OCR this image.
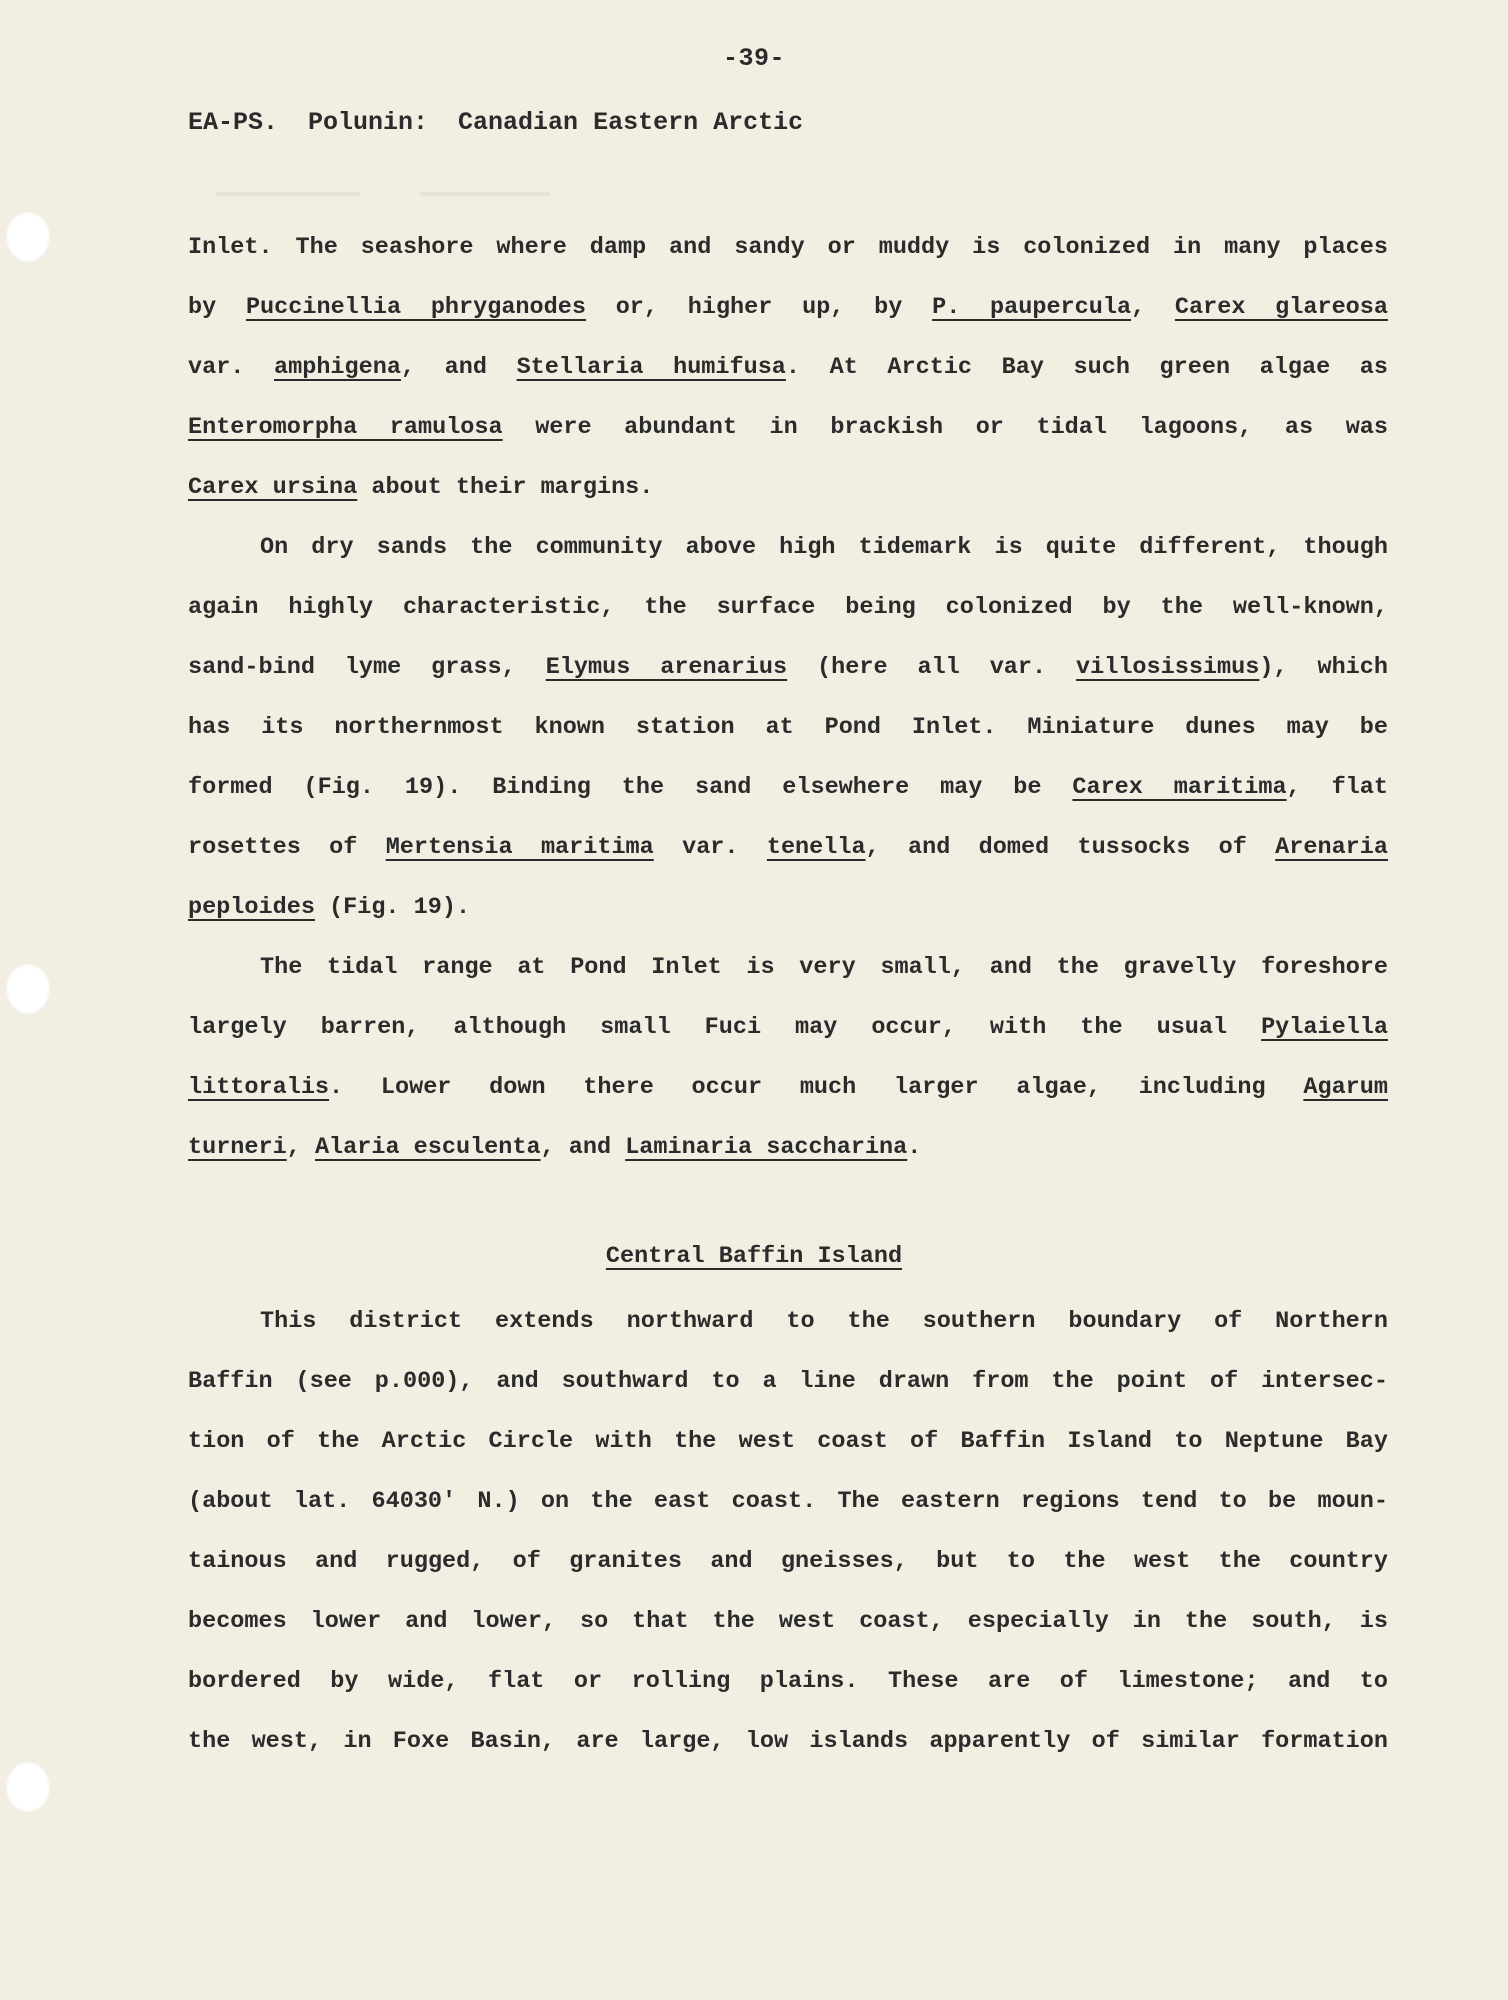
-39-
EA-PS.  Polunin:  Canadian Eastern Arctic
Inlet. The seashore where damp and sandy or muddy is colonized in many places
by Puccinellia phryganodes or, higher up, by P. paupercula, Carex glareosa
var. amphigena, and Stellaria humifusa. At Arctic Bay such green algae as
Enteromorpha ramulosa were abundant in brackish or tidal lagoons, as was
Carex ursina about their margins.
On dry sands the community above high tidemark is quite different, though
again highly characteristic, the surface being colonized by the well-known,
sand-bind lyme grass, Elymus arenarius (here all var. villosissimus), which
has its northernmost known station at Pond Inlet. Miniature dunes may be
formed (Fig. 19). Binding the sand elsewhere may be Carex maritima, flat
rosettes of Mertensia maritima var. tenella, and domed tussocks of Arenaria
peploides (Fig. 19).
The tidal range at Pond Inlet is very small, and the gravelly foreshore
largely barren, although small Fuci may occur, with the usual Pylaiella
littoralis. Lower down there occur much larger algae, including Agarum
turneri, Alaria esculenta, and Laminaria saccharina.
Central Baffin Island
This district extends northward to the southern boundary of Northern
Baffin (see p.000), and southward to a line drawn from the point of intersec-
tion of the Arctic Circle with the west coast of Baffin Island to Neptune Bay
(about lat. 64030' N.) on the east coast. The eastern regions tend to be moun-
tainous and rugged, of granites and gneisses, but to the west the country
becomes lower and lower, so that the west coast, especially in the south, is
bordered by wide, flat or rolling plains. These are of limestone; and to
the west, in Foxe Basin, are large, low islands apparently of similar formation
